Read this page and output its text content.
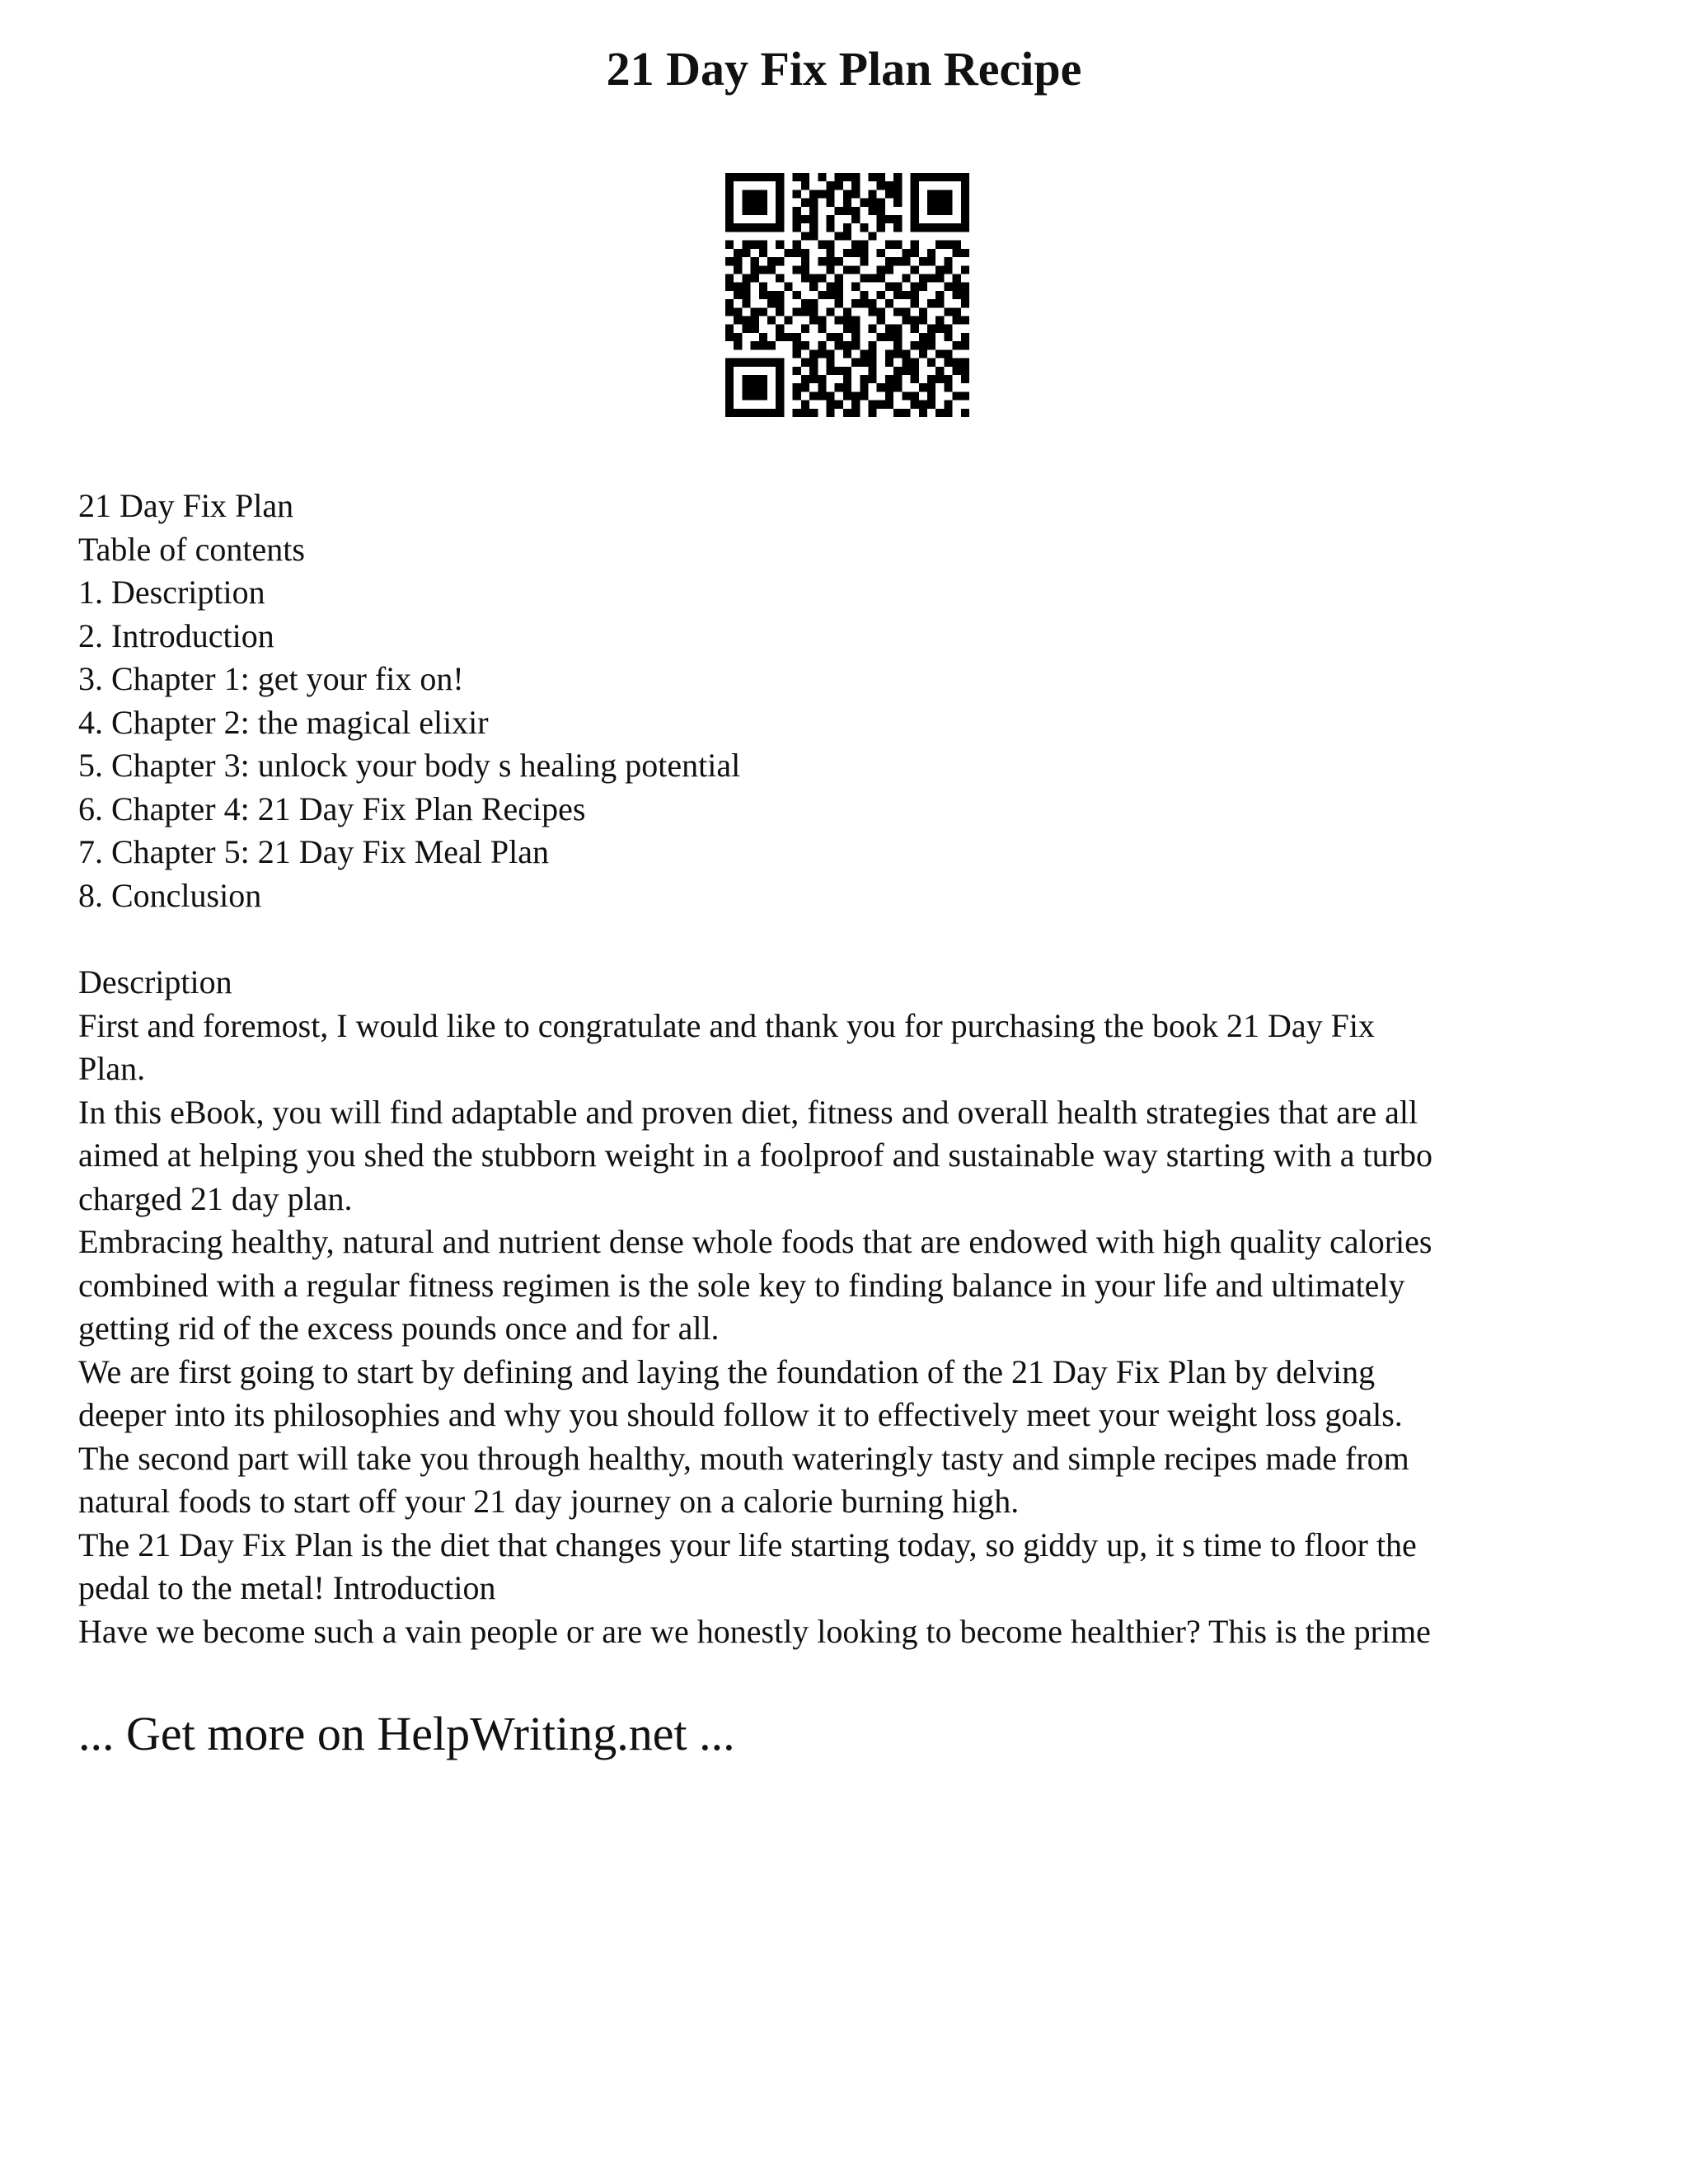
21 Day Fix Plan Recipe
21 Day Fix Plan
Table of contents
1. Description
2. Introduction
3. Chapter 1: get your fix on!
4. Chapter 2: the magical elixir
5. Chapter 3: unlock your body s healing potential
6. Chapter 4: 21 Day Fix Plan Recipes
7. Chapter 5: 21 Day Fix Meal Plan
8. Conclusion
Description
First and foremost, I would like to congratulate and thank you for purchasing the book 21 Day Fix
Plan.
In this eBook, you will find adaptable and proven diet, fitness and overall health strategies that are all
aimed at helping you shed the stubborn weight in a foolproof and sustainable way starting with a turbo
charged 21 day plan.
Embracing healthy, natural and nutrient dense whole foods that are endowed with high quality calories
combined with a regular fitness regimen is the sole key to finding balance in your life and ultimately
getting rid of the excess pounds once and for all.
We are first going to start by defining and laying the foundation of the 21 Day Fix Plan by delving
deeper into its philosophies and why you should follow it to effectively meet your weight loss goals.
The second part will take you through healthy, mouth wateringly tasty and simple recipes made from
natural foods to start off your 21 day journey on a calorie burning high.
The 21 Day Fix Plan is the diet that changes your life starting today, so giddy up, it s time to floor the
pedal to the metal! Introduction
Have we become such a vain people or are we honestly looking to become healthier? This is the prime
... Get more on HelpWriting.net ...
